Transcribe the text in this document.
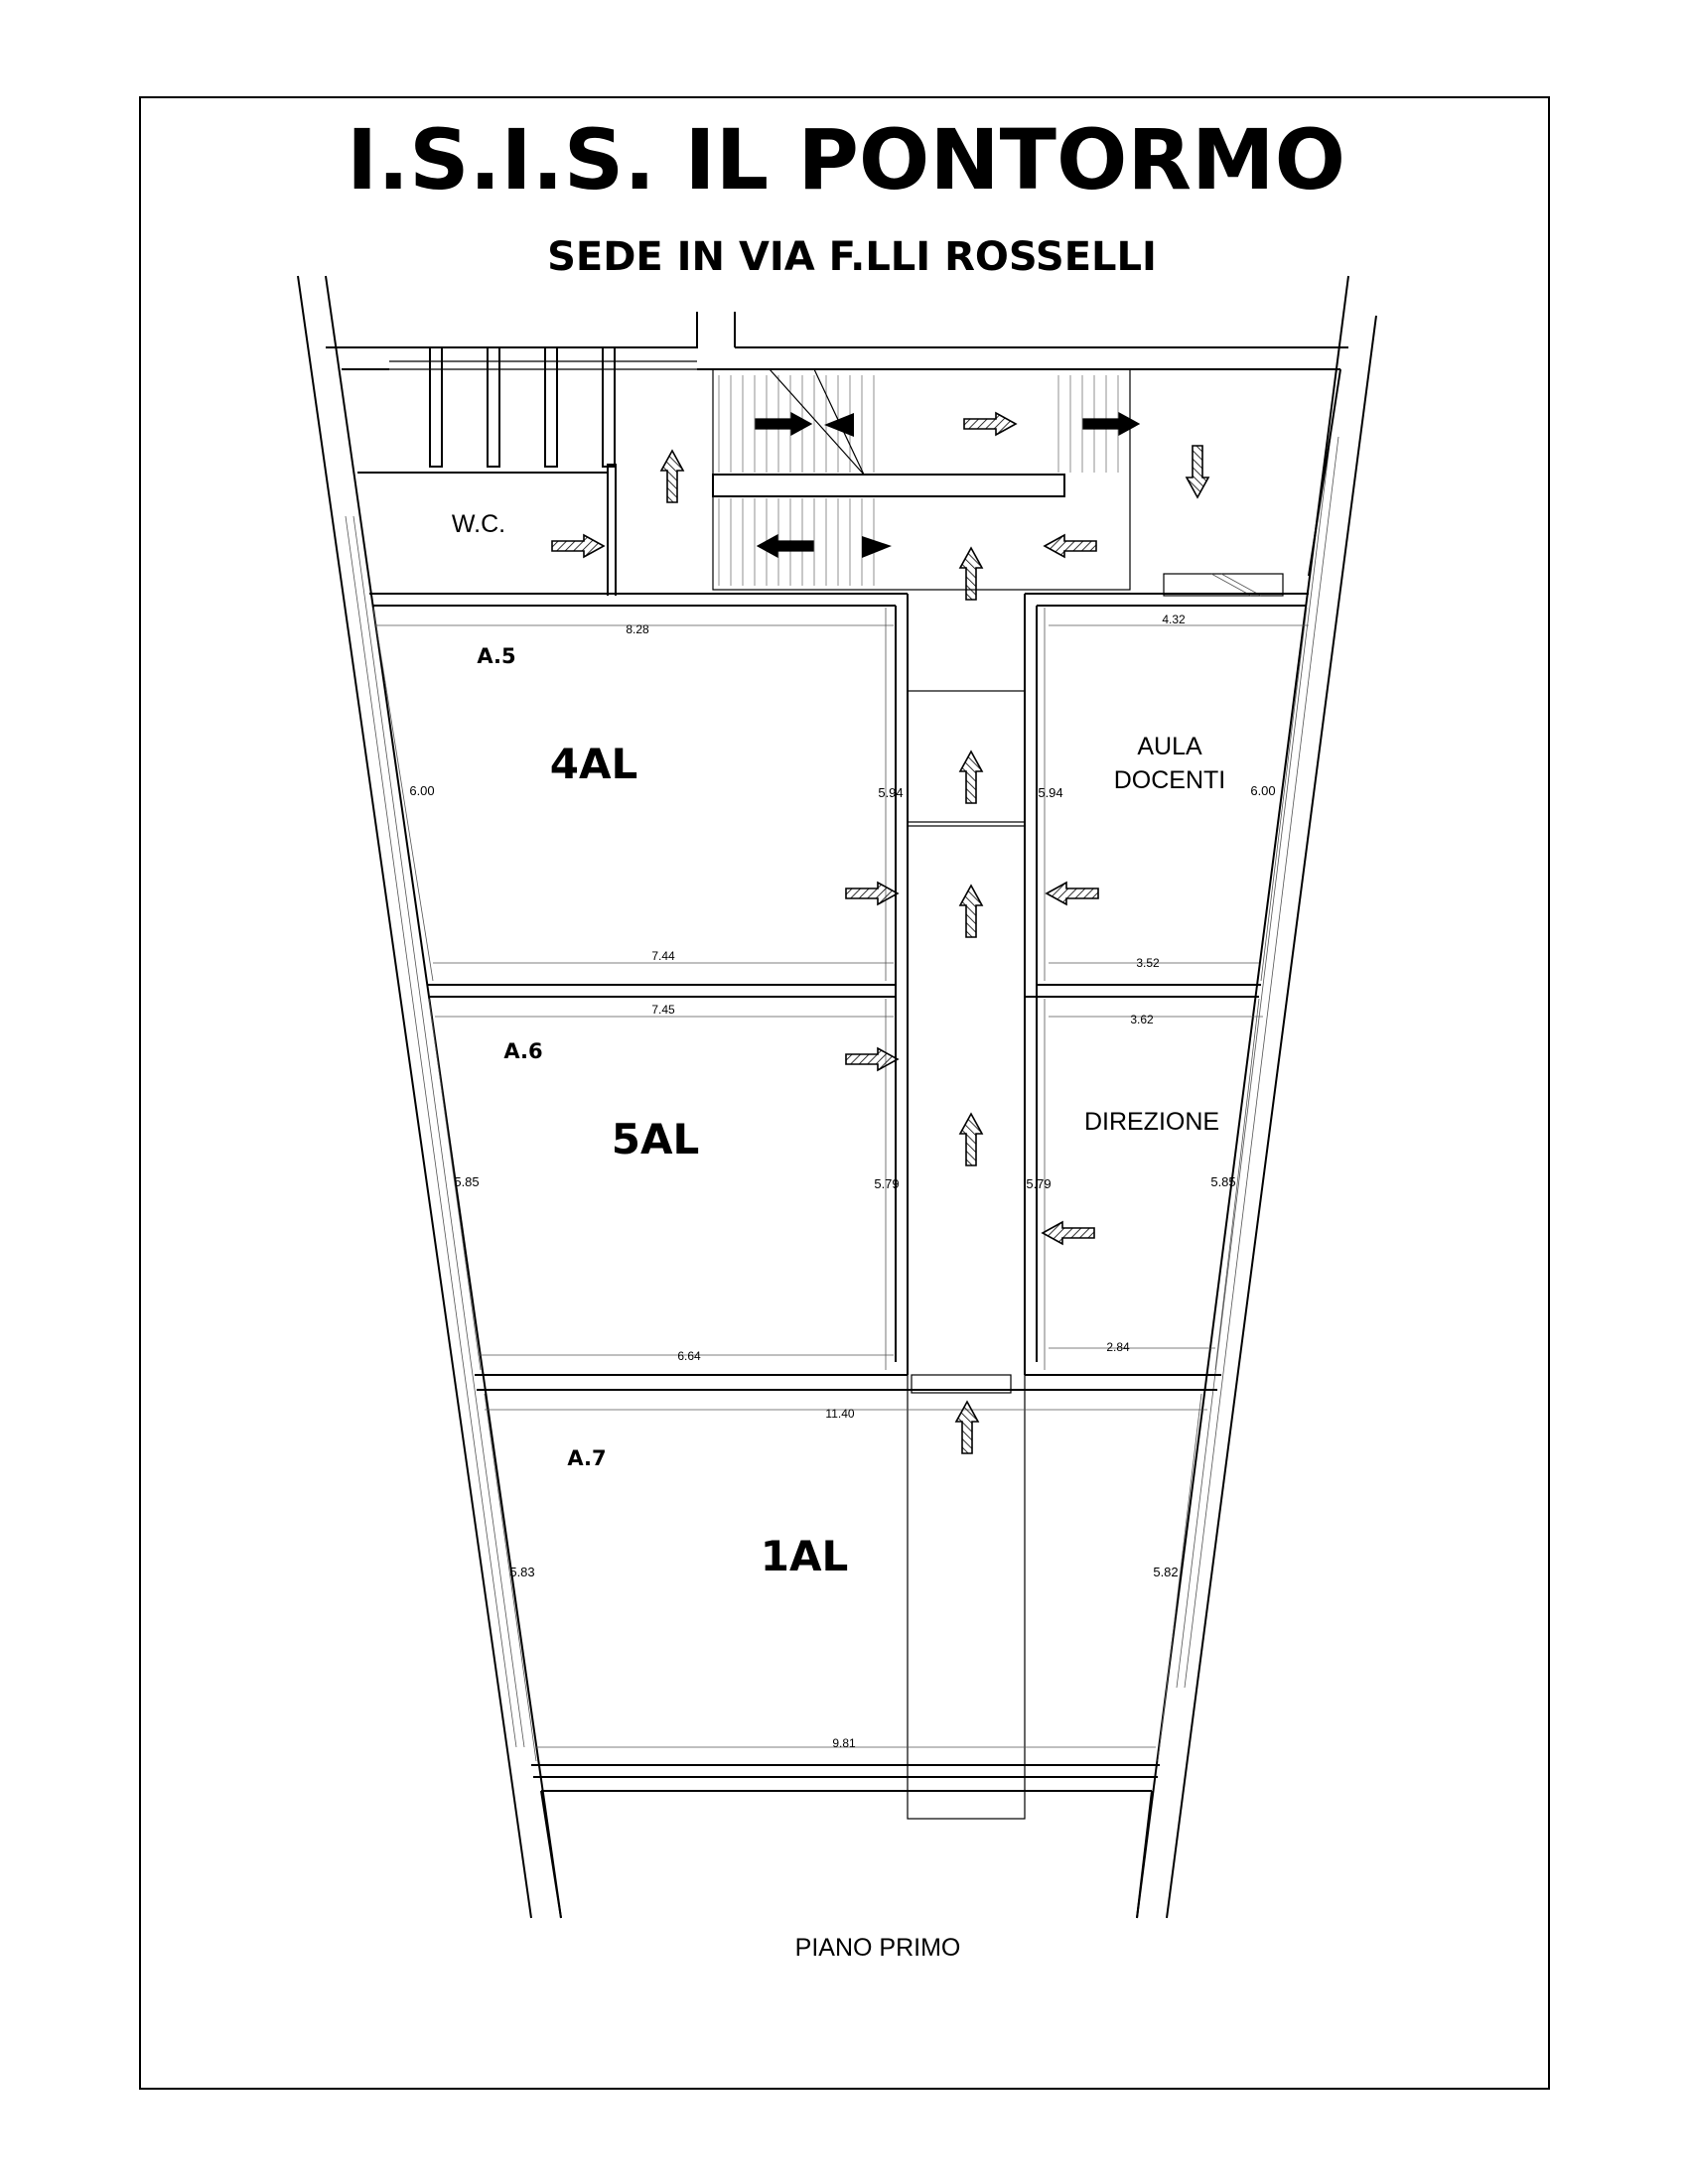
I.S.I.S. IL PONTORMO
SEDE IN VIA F.LLI ROSSELLI
W.C.
8.28
7.44
6.00	5.94
4.32
3.52
5.94	6.00
7.45
6.64
5.85	5.79
3.62
2.84
5.79	5.85
11.40
9.81
5.83	5.82
A.5
4AL	AULA
DOCENTI
A.6
5AL	DIREZIONE
A.7
1AL
PIANO PRIMO
